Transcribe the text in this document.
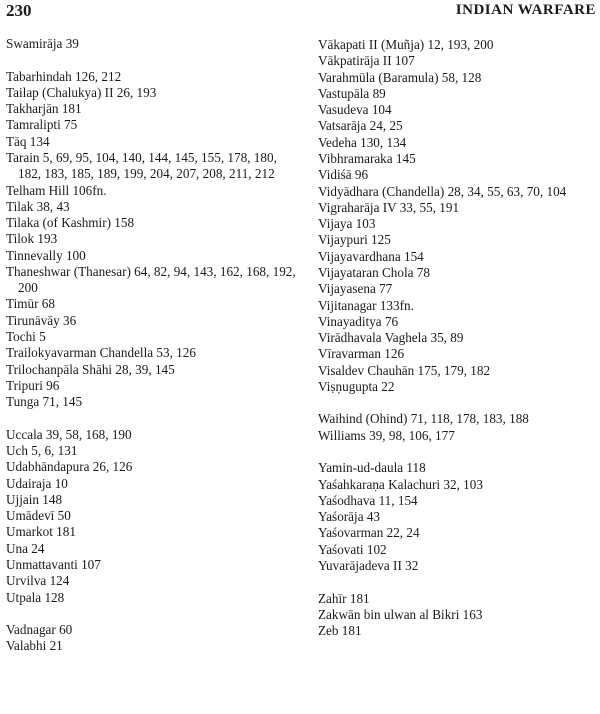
230	INDIAN WARFARE
Swamirāja 39
Tabarhindah 126, 212
Tailap (Chalukya) II 26, 193
Takharjān 181
Tamralipti 75
Tāq 134
Tarain 5, 69, 95, 104, 140, 144, 145, 155, 178, 180, 182, 183, 185, 189, 199, 204, 207, 208, 211, 212
Telham Hill 106fn.
Tilak 38, 43
Tilaka (of Kashmir) 158
Tilok 193
Tinnevally 100
Thaneshwar (Thanesar) 64, 82, 94, 143, 162, 168, 192, 200
Timūr 68
Tirunāvāy 36
Tochi 5
Trailokyavarman Chandella 53, 126
Trilochanpāla Shāhi 28, 39, 145
Tripuri 96
Tunga 71, 145
Uccala 39, 58, 168, 190
Uch 5, 6, 131
Udabhāndapura 26, 126
Udairaja 10
Ujjain 148
Umādevī 50
Umarkot 181
Una 24
Unmattavanti 107
Urvilva 124
Utpala 128
Vadnagar 60
Valabhi 21
Vākapati II (Muñja) 12, 193, 200
Vākpatirāja II 107
Varahmūla (Baramula) 58, 128
Vastupāla 89
Vasudeva 104
Vatsarāja 24, 25
Vedeha 130, 134
Vibhramaraka 145
Vidiśā 96
Vidyādhara (Chandella) 28, 34, 55, 63, 70, 104
Vigraharāja IV 33, 55, 191
Vijaya 103
Vijaypuri 125
Vijayavardhana 154
Vijayataran Chola 78
Vijayasena 77
Vijitanagar 133fn.
Vinayaditya 76
Virādhavala Vaghela 35, 89
Vīravarman 126
Visaldev Chauhān 175, 179, 182
Viṣṇugupta 22
Waihind (Ohind) 71, 118, 178, 183, 188
Williams 39, 98, 106, 177
Yamin-ud-daula 118
Yaśahkaraṇa Kalachuri 32, 103
Yaśodhava 11, 154
Yaśorāja 43
Yaśovarman 22, 24
Yaśovati 102
Yuvarājadeva II 32
Zahīr 181
Zakwān bin ulwan al Bikri 163
Zeb 181
